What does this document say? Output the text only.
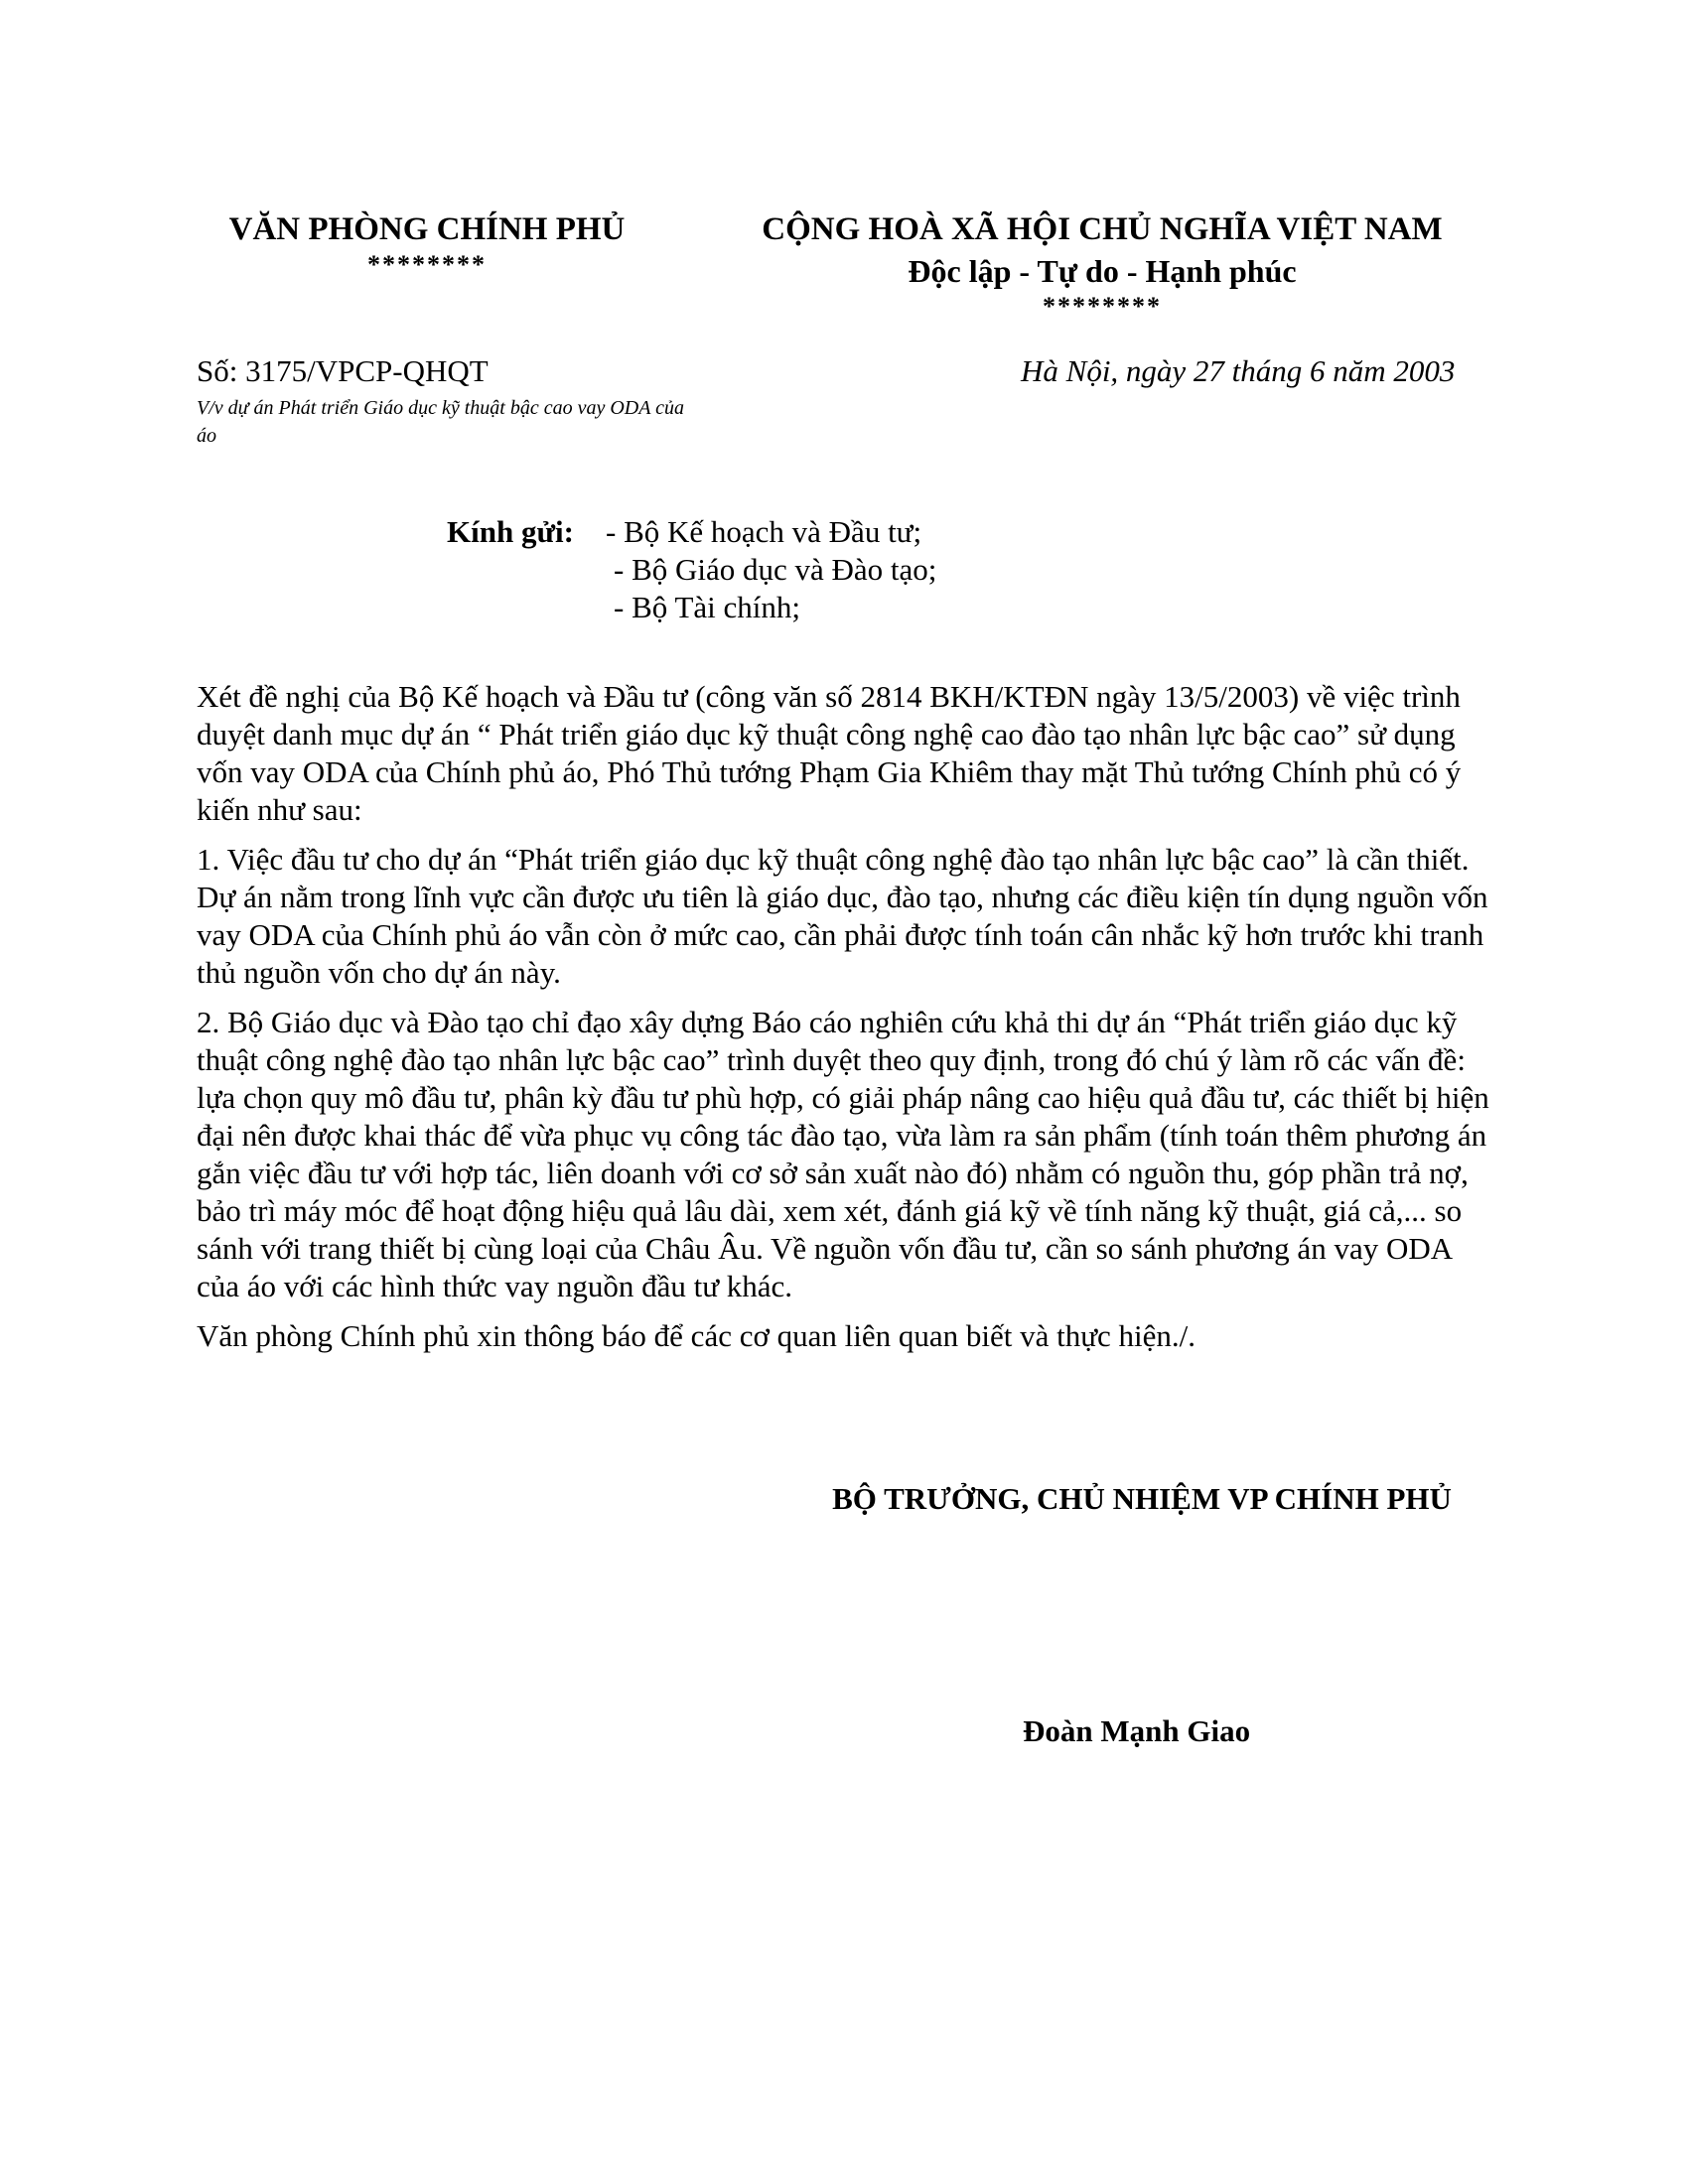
VĂN PHÒNG CHÍNH PHỦ
********
CỘNG HOÀ XÃ HỘI CHỦ NGHĨA VIỆT NAM
Độc lập - Tự do - Hạnh phúc
********
Số: 3175/VPCP-QHQT
V/v dự án Phát triển Giáo dục kỹ thuật bậc cao vay ODA của áo
Hà Nội, ngày 27 tháng 6 năm 2003
Kính gửi: - Bộ Kế hoạch và Đầu tư;
- Bộ Giáo dục và Đào tạo;
- Bộ Tài chính;

Xét đề nghị của Bộ Kế hoạch và Đầu tư (công văn số 2814 BKH/KTĐN ngày 13/5/2003) về việc trình duyệt danh mục dự án “ Phát triển giáo dục kỹ thuật công nghệ cao đào tạo nhân lực bậc cao” sử dụng vốn vay ODA của Chính phủ áo, Phó Thủ tướng Phạm Gia Khiêm thay mặt Thủ tướng Chính phủ có ý kiến như sau:

1. Việc đầu tư cho dự án “Phát triển giáo dục kỹ thuật công nghệ đào tạo nhân lực bậc cao” là cần thiết. Dự án nằm trong lĩnh vực cần được ưu tiên là giáo dục, đào tạo, nhưng các điều kiện tín dụng nguồn vốn vay ODA của Chính phủ áo vẫn còn ở mức cao, cần phải được tính toán cân nhắc kỹ hơn trước khi tranh thủ nguồn vốn cho dự án này.

2. Bộ Giáo dục và Đào tạo chỉ đạo xây dựng Báo cáo nghiên cứu khả thi dự án “Phát triển giáo dục kỹ thuật công nghệ đào tạo nhân lực bậc cao” trình duyệt theo quy định, trong đó chú ý làm rõ các vấn đề: lựa chọn quy mô đầu tư, phân kỳ đầu tư phù hợp, có giải pháp nâng cao hiệu quả đầu tư, các thiết bị hiện đại nên được khai thác để vừa phục vụ công tác đào tạo, vừa làm ra sản phẩm (tính toán thêm phương án gắn việc đầu tư với hợp tác, liên doanh với cơ sở sản xuất nào đó) nhằm có nguồn thu, góp phần trả nợ, bảo trì máy móc để hoạt động hiệu quả lâu dài, xem xét, đánh giá kỹ về tính năng kỹ thuật, giá cả,... so sánh với trang thiết bị cùng loại của Châu Âu. Về nguồn vốn đầu tư, cần so sánh phương án vay ODA của áo với các hình thức vay nguồn đầu tư khác.

Văn phòng Chính phủ xin thông báo để các cơ quan liên quan biết và thực hiện./.

BỘ TRƯỞNG, CHỦ NHIỆM VP CHÍNH PHỦ
Đoàn Mạnh Giao
